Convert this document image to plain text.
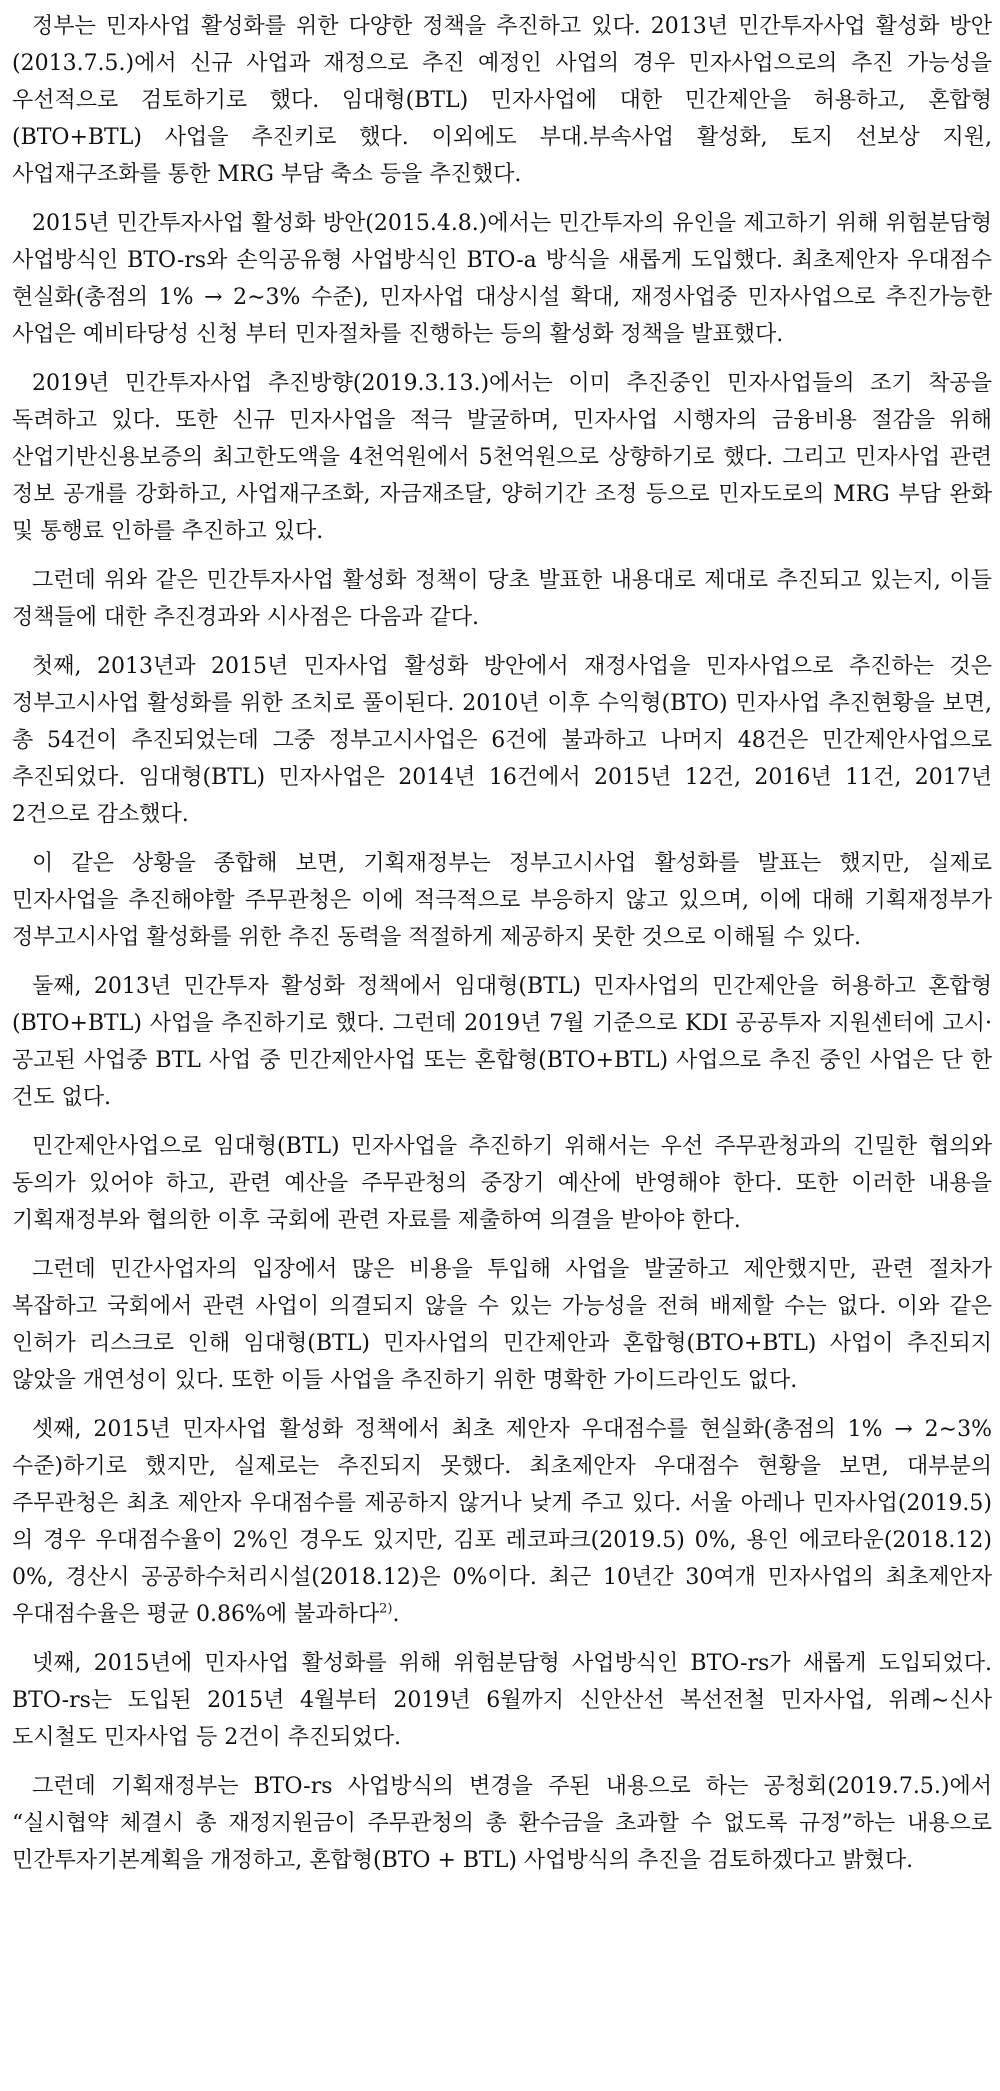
정부는 민자사업 활성화를 위한 다양한 정책을 추진하고 있다. 2013년 민간투자사업 활성화 방안(2013.7.5.)에서 신규 사업과 재정으로 추진 예정인 사업의 경우 민자사업으로의 추진 가능성을 우선적으로 검토하기로 했다. 임대형(BTL) 민자사업에 대한 민간제안을 허용하고, 혼합형(BTO+BTL) 사업을 추진키로 했다. 이외에도 부대.부속사업 활성화, 토지 선보상 지원, 사업재구조화를 통한 MRG 부담 축소 등을 추진했다.

2015년 민간투자사업 활성화 방안(2015.4.8.)에서는 민간투자의 유인을 제고하기 위해 위험분담형 사업방식인 BTO-rs와 손익공유형 사업방식인 BTO-a 방식을 새롭게 도입했다. 최초제안자 우대점수 현실화(총점의 1% → 2∼3% 수준), 민자사업 대상시설 확대, 재정사업중 민자사업으로 추진가능한 사업은 예비타당성 신청 부터 민자절차를 진행하는 등의 활성화 정책을 발표했다.

2019년 민간투자사업 추진방향(2019.3.13.)에서는 이미 추진중인 민자사업들의 조기 착공을 독려하고 있다. 또한 신규 민자사업을 적극 발굴하며, 민자사업 시행자의 금융비용 절감을 위해 산업기반신용보증의 최고한도액을 4천억원에서 5천억원으로 상향하기로 했다. 그리고 민자사업 관련 정보 공개를 강화하고, 사업재구조화, 자금재조달, 양허기간 조정 등으로 민자도로의 MRG 부담 완화 및 통행료 인하를 추진하고 있다.

그런데 위와 같은 민간투자사업 활성화 정책이 당초 발표한 내용대로 제대로 추진되고 있는지, 이들 정책들에 대한 추진경과와 시사점은 다음과 같다.

첫째, 2013년과 2015년 민자사업 활성화 방안에서 재정사업을 민자사업으로 추진하는 것은 정부고시사업 활성화를 위한 조치로 풀이된다. 2010년 이후 수익형(BTO) 민자사업 추진현황을 보면, 총 54건이 추진되었는데 그중 정부고시사업은 6건에 불과하고 나머지 48건은 민간제안사업으로 추진되었다. 임대형(BTL) 민자사업은 2014년 16건에서 2015년 12건, 2016년 11건, 2017년 2건으로 감소했다.

이 같은 상황을 종합해 보면, 기획재정부는 정부고시사업 활성화를 발표는 했지만, 실제로 민자사업을 추진해야할 주무관청은 이에 적극적으로 부응하지 않고 있으며, 이에 대해 기획재정부가 정부고시사업 활성화를 위한 추진 동력을 적절하게 제공하지 못한 것으로 이해될 수 있다.

둘째, 2013년 민간투자 활성화 정책에서 임대형(BTL) 민자사업의 민간제안을 허용하고 혼합형(BTO+BTL) 사업을 추진하기로 했다. 그런데 2019년 7월 기준으로 KDI 공공투자 지원센터에 고시·공고된 사업중 BTL 사업 중 민간제안사업 또는 혼합형(BTO+BTL) 사업으로 추진 중인 사업은 단 한 건도 없다.

민간제안사업으로 임대형(BTL) 민자사업을 추진하기 위해서는 우선 주무관청과의 긴밀한 협의와 동의가 있어야 하고, 관련 예산을 주무관청의 중장기 예산에 반영해야 한다. 또한 이러한 내용을 기획재정부와 협의한 이후 국회에 관련 자료를 제출하여 의결을 받아야 한다.

그런데 민간사업자의 입장에서 많은 비용을 투입해 사업을 발굴하고 제안했지만, 관련 절차가 복잡하고 국회에서 관련 사업이 의결되지 않을 수 있는 가능성을 전혀 배제할 수는 없다. 이와 같은 인허가 리스크로 인해 임대형(BTL) 민자사업의 민간제안과 혼합형(BTO+BTL) 사업이 추진되지 않았을 개연성이 있다. 또한 이들 사업을 추진하기 위한 명확한 가이드라인도 없다.

셋째, 2015년 민자사업 활성화 정책에서 최초 제안자 우대점수를 현실화(총점의 1% → 2∼3% 수준)하기로 했지만, 실제로는 추진되지 못했다. 최초제안자 우대점수 현황을 보면, 대부분의 주무관청은 최초 제안자 우대점수를 제공하지 않거나 낮게 주고 있다. 서울 아레나 민자사업(2019.5)의 경우 우대점수율이 2%인 경우도 있지만, 김포 레코파크(2019.5) 0%, 용인 에코타운(2018.12) 0%, 경산시 공공하수처리시설(2018.12)은 0%이다. 최근 10년간 30여개 민자사업의 최초제안자 우대점수율은 평균 0.86%에 불과하다$^{2)}$.

넷째, 2015년에 민자사업 활성화를 위해 위험분담형 사업방식인 BTO-rs가 새롭게 도입되었다. BTO-rs는 도입된 2015년 4월부터 2019년 6월까지 신안산선 복선전철 민자사업, 위례∼신사 도시철도 민자사업 등 2건이 추진되었다.

그런데 기획재정부는 BTO-rs 사업방식의 변경을 주된 내용으로 하는 공청회(2019.7.5.)에서 “실시협약 체결시 총 재정지원금이 주무관청의 총 환수금을 초과할 수 없도록 규정”하는 내용으로 민간투자기본계획을 개정하고, 혼합형(BTO + BTL) 사업방식의 추진을 검토하겠다고 밝혔다.
